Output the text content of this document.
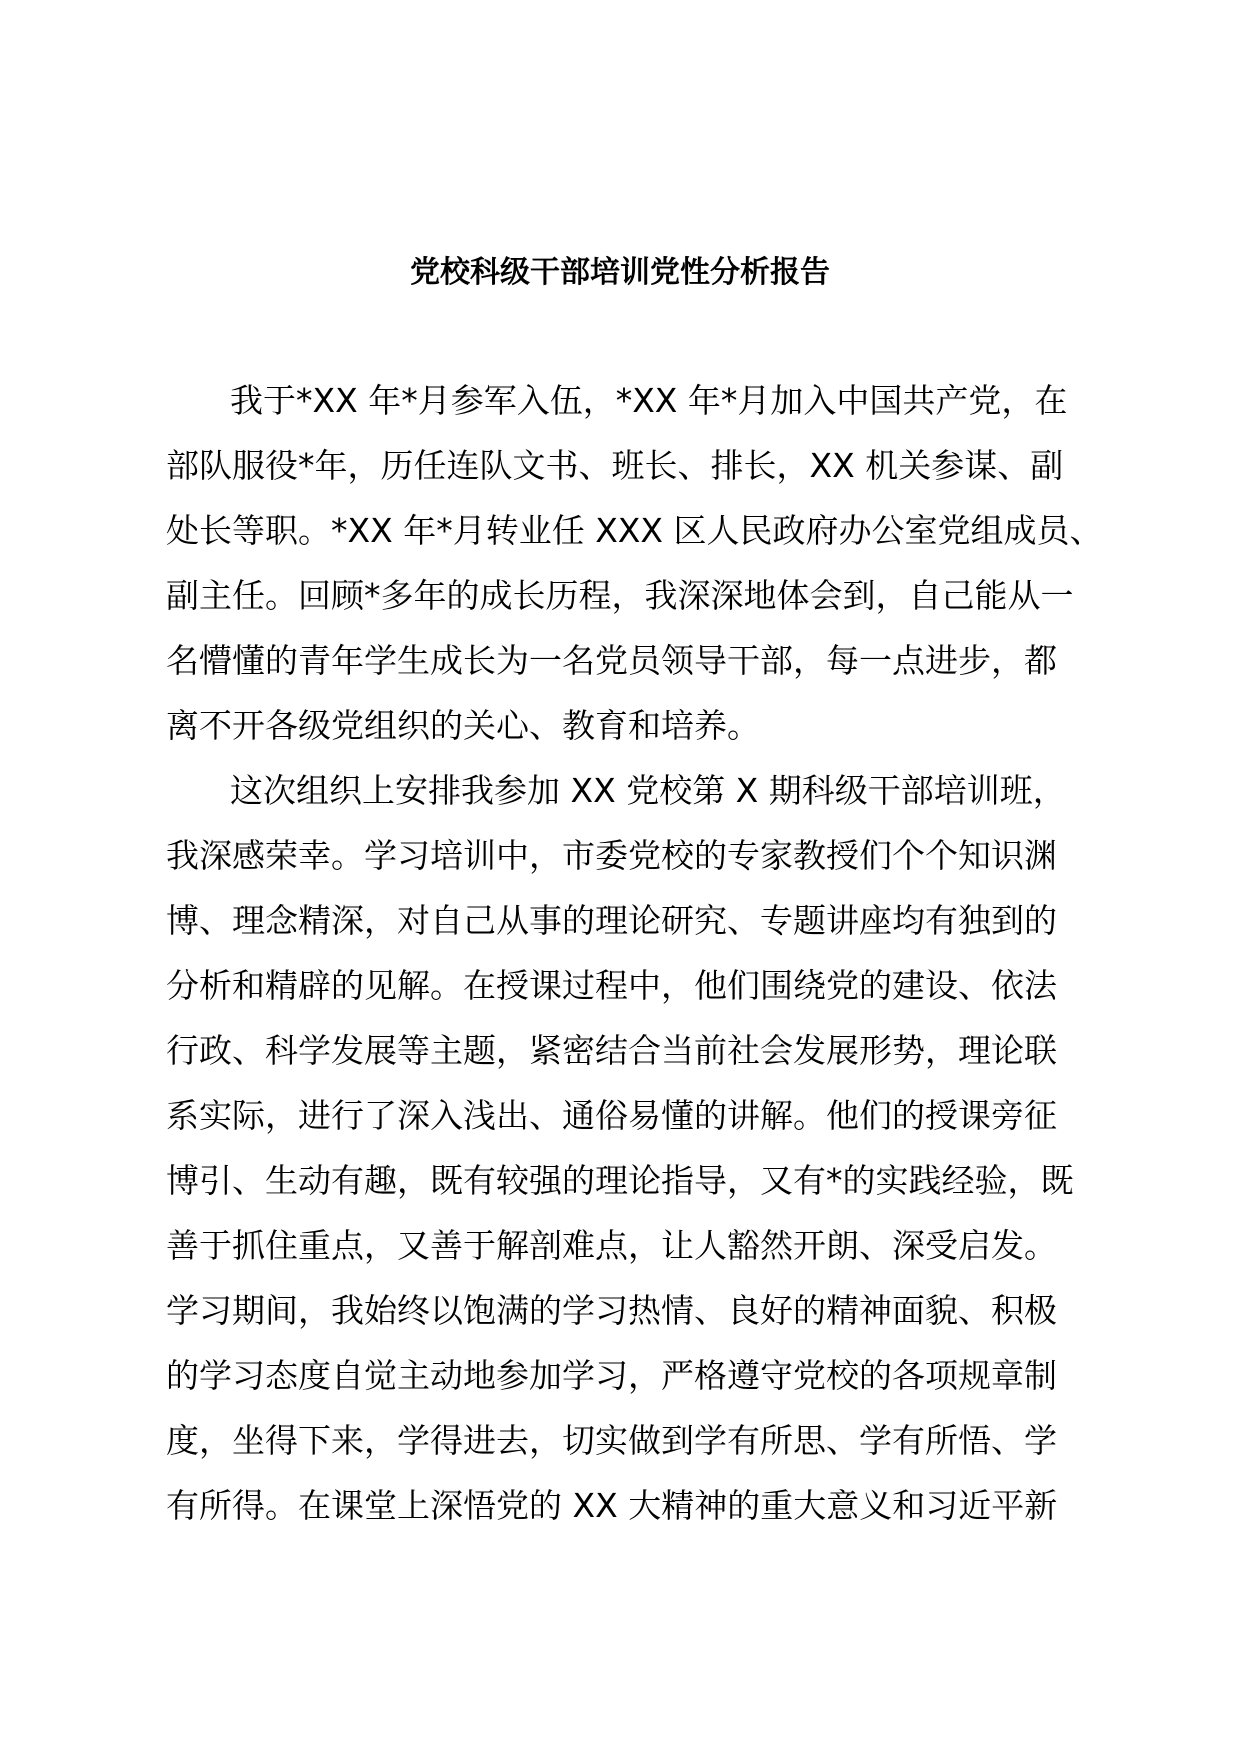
党校科级干部培训党性分析报告
我于*XX 年*月参军入伍，*XX 年*月加入中国共产党，在
部队服役*年，历任连队文书、班长、排长，XX 机关参谋、副
处长等职。*XX 年*月转业任 XXX 区人民政府办公室党组成员、
副主任。回顾*多年的成长历程，我深深地体会到，自己能从一
名懵懂的青年学生成长为一名党员领导干部，每一点进步，都
离不开各级党组织的关心、教育和培养。
这次组织上安排我参加 XX 党校第 X 期科级干部培训班，
我深感荣幸。学习培训中，市委党校的专家教授们个个知识渊
博、理念精深，对自己从事的理论研究、专题讲座均有独到的
分析和精辟的见解。在授课过程中，他们围绕党的建设、依法
行政、科学发展等主题，紧密结合当前社会发展形势，理论联
系实际，进行了深入浅出、通俗易懂的讲解。他们的授课旁征
博引、生动有趣，既有较强的理论指导，又有*的实践经验，既
善于抓住重点，又善于解剖难点，让人豁然开朗、深受启发。
学习期间，我始终以饱满的学习热情、良好的精神面貌、积极
的学习态度自觉主动地参加学习，严格遵守党校的各项规章制
度，坐得下来，学得进去，切实做到学有所思、学有所悟、学
有所得。在课堂上深悟党的 XX 大精神的重大意义和习近平新
